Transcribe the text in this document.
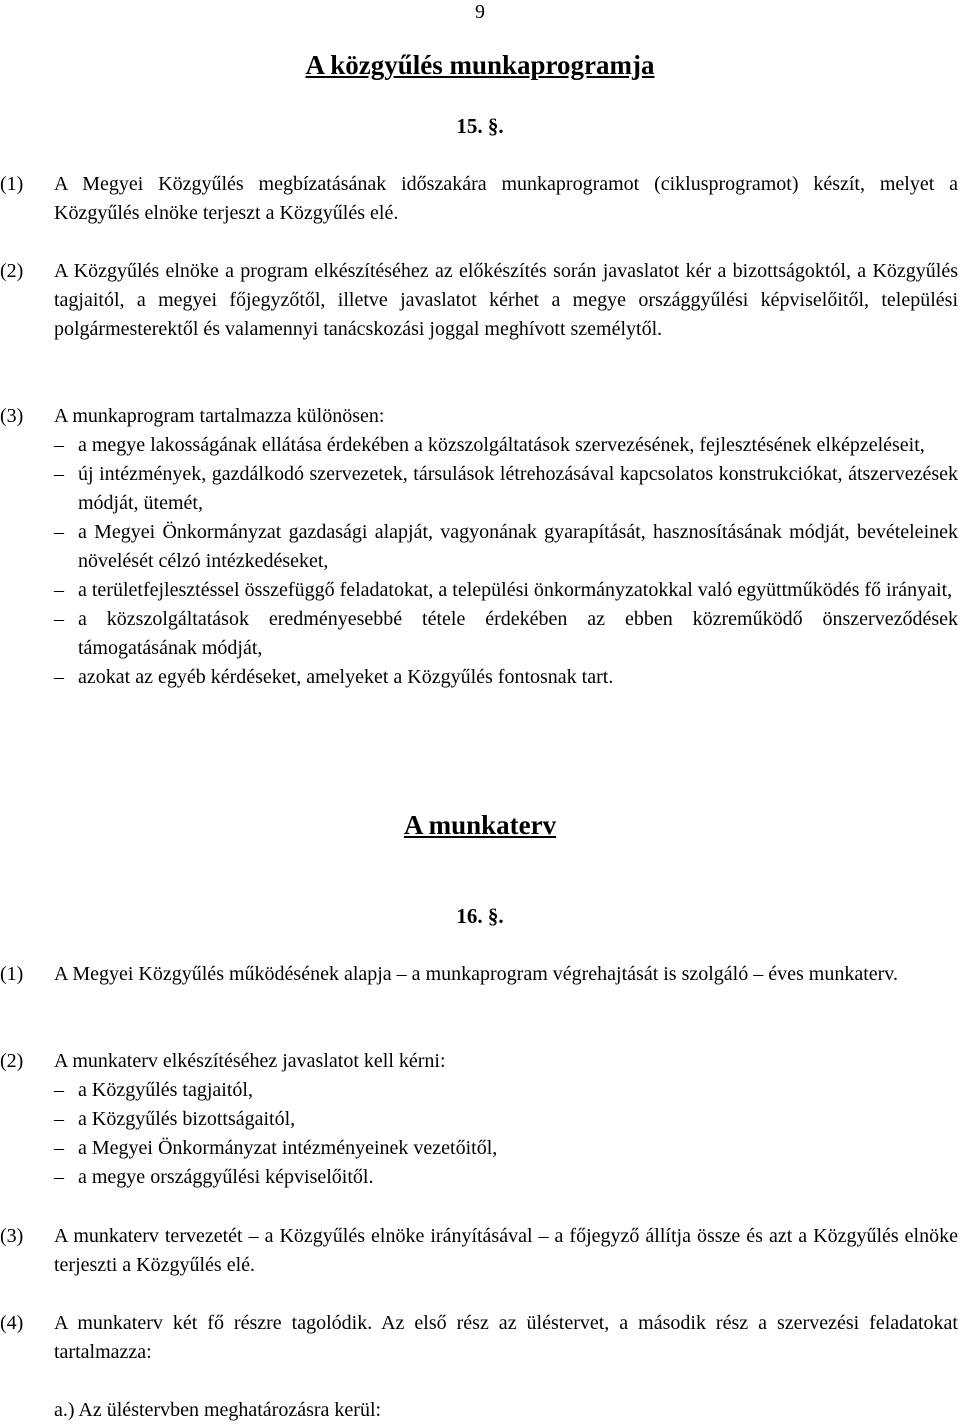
9
A közgyűlés munkaprogramja
15. §.
(1) A Megyei Közgyűlés megbízatásának időszakára munkaprogramot (ciklusprogramot) készít, melyet a Közgyűlés elnöke terjeszt a Közgyűlés elé.
(2) A Közgyűlés elnöke a program elkészítéséhez az előkészítés során javaslatot kér a bizottságoktól, a Közgyűlés tagjaitól, a megyei főjegyzőtől, illetve javaslatot kérhet a megye országgyűlési képviselőitől, települési polgármesterektől és valamennyi tanácskozási joggal meghívott személytől.
(3) A munkaprogram tartalmazza különösen:
– a megye lakosságának ellátása érdekében a közszolgáltatások szervezésének, fejlesztésének elképzeléseit,
– új intézmények, gazdálkodó szervezetek, társulások létrehozásával kapcsolatos konstrukciókat, átszervezések módját, ütemét,
– a Megyei Önkormányzat gazdasági alapját, vagyonának gyarapítását, hasznosításának módját, bevételeinek növelését célzó intézkedéseket,
– a területfejlesztéssel összefüggő feladatokat, a települési önkormányzatokkal való együttműködés fő irányait,
– a közszolgáltatások eredményesebbé tétele érdekében az ebben közreműködő önszerveződések támogatásának módját,
– azokat az egyéb kérdéseket, amelyeket a Közgyűlés fontosnak tart.
A munkaterv
16. §.
(1) A Megyei Közgyűlés működésének alapja – a munkaprogram végrehajtását is szolgáló – éves munkaterv.
(2) A munkaterv elkészítéséhez javaslatot kell kérni:
– a Közgyűlés tagjaitól,
– a Közgyűlés bizottságaitól,
– a Megyei Önkormányzat intézményeinek vezetőitől,
– a megye országgyűlési képviselőitől.
(3) A munkaterv tervezetét – a Közgyűlés elnöke irányításával – a főjegyző állítja össze és azt a Közgyűlés elnöke terjeszti a Közgyűlés elé.
(4) A munkaterv két fő részre tagolódik. Az első rész az üléstervet, a második rész a szervezési feladatokat tartalmazza:
a.) Az üléstervben meghatározásra kerül:
